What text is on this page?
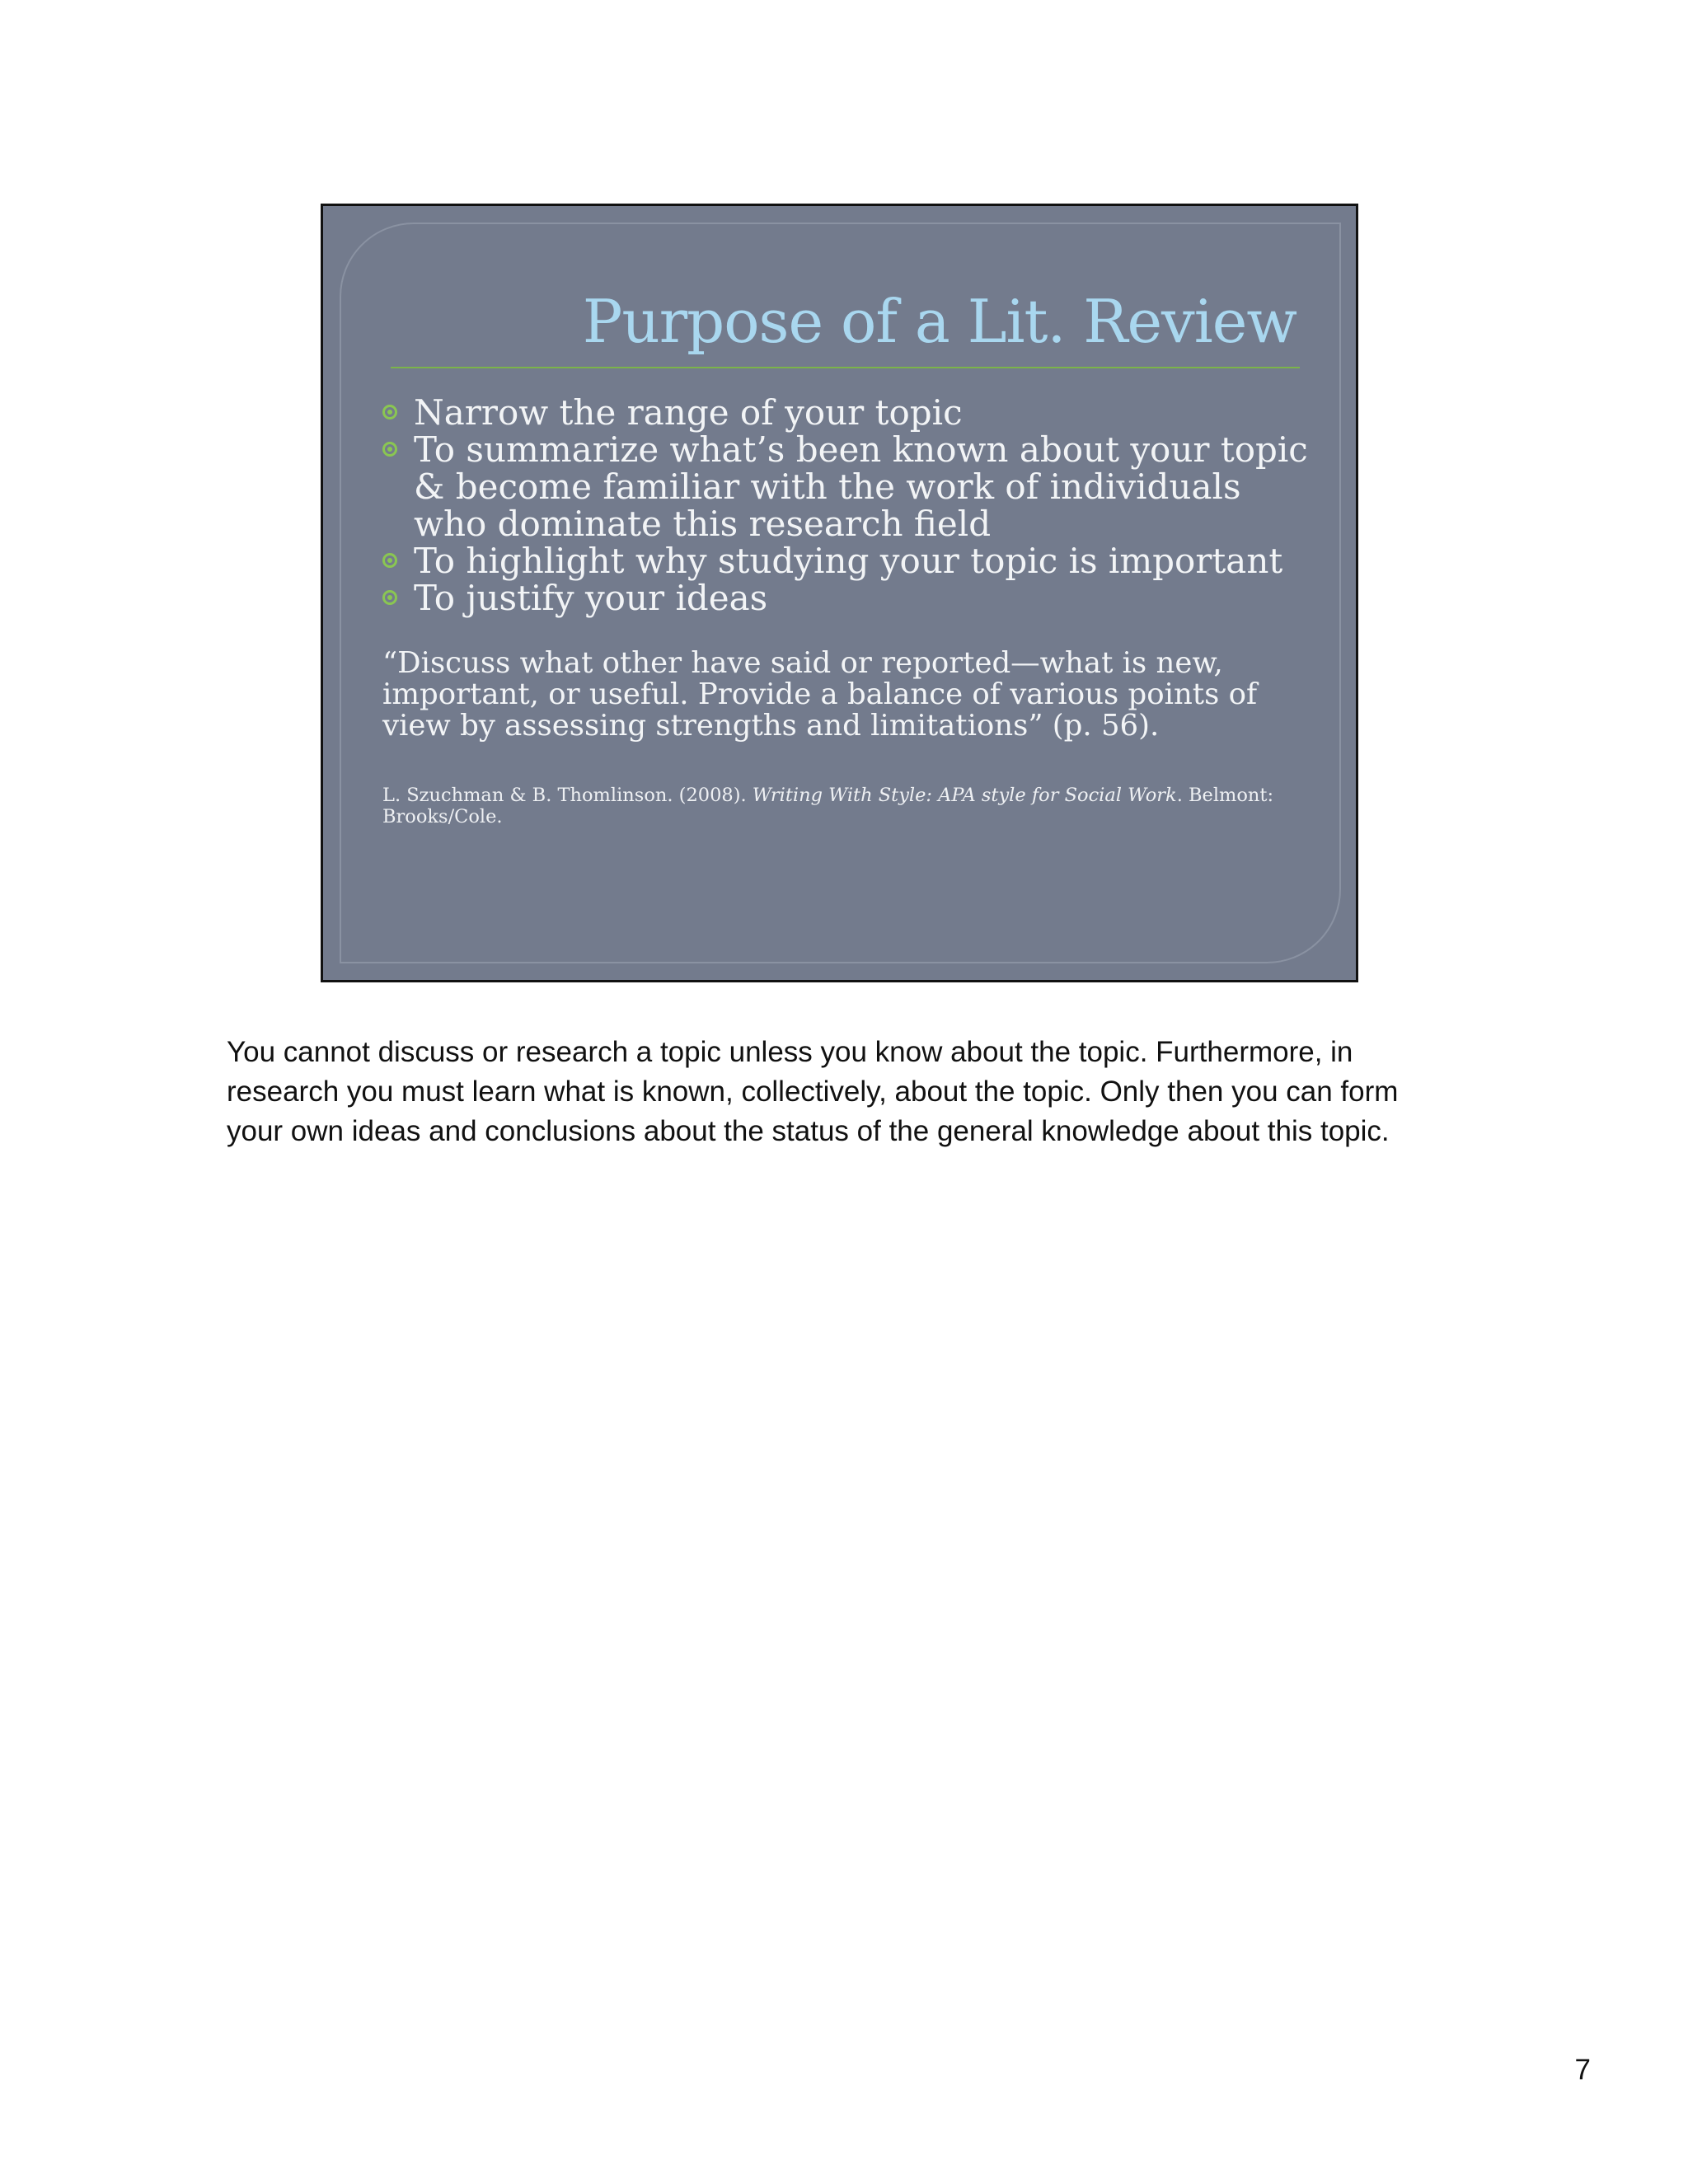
Purpose of a Lit. Review
Narrow the range of your topic
To summarize what’s been known about your topic & become familiar with the work of individuals who dominate this research field
To highlight why studying your topic is important
To justify your ideas

“Discuss what other have said or reported—what is new, important, or useful. Provide a balance of various points of view by assessing strengths and limitations” (p. 56).

L. Szuchman & B. Thomlinson. (2008). Writing With Style: APA style for Social Work. Belmont: Brooks/Cole.

You cannot discuss or research a topic unless you know about the topic. Furthermore, in research you must learn what is known, collectively, about the topic. Only then you can form your own ideas and conclusions about the status of the general knowledge about this topic.

7
